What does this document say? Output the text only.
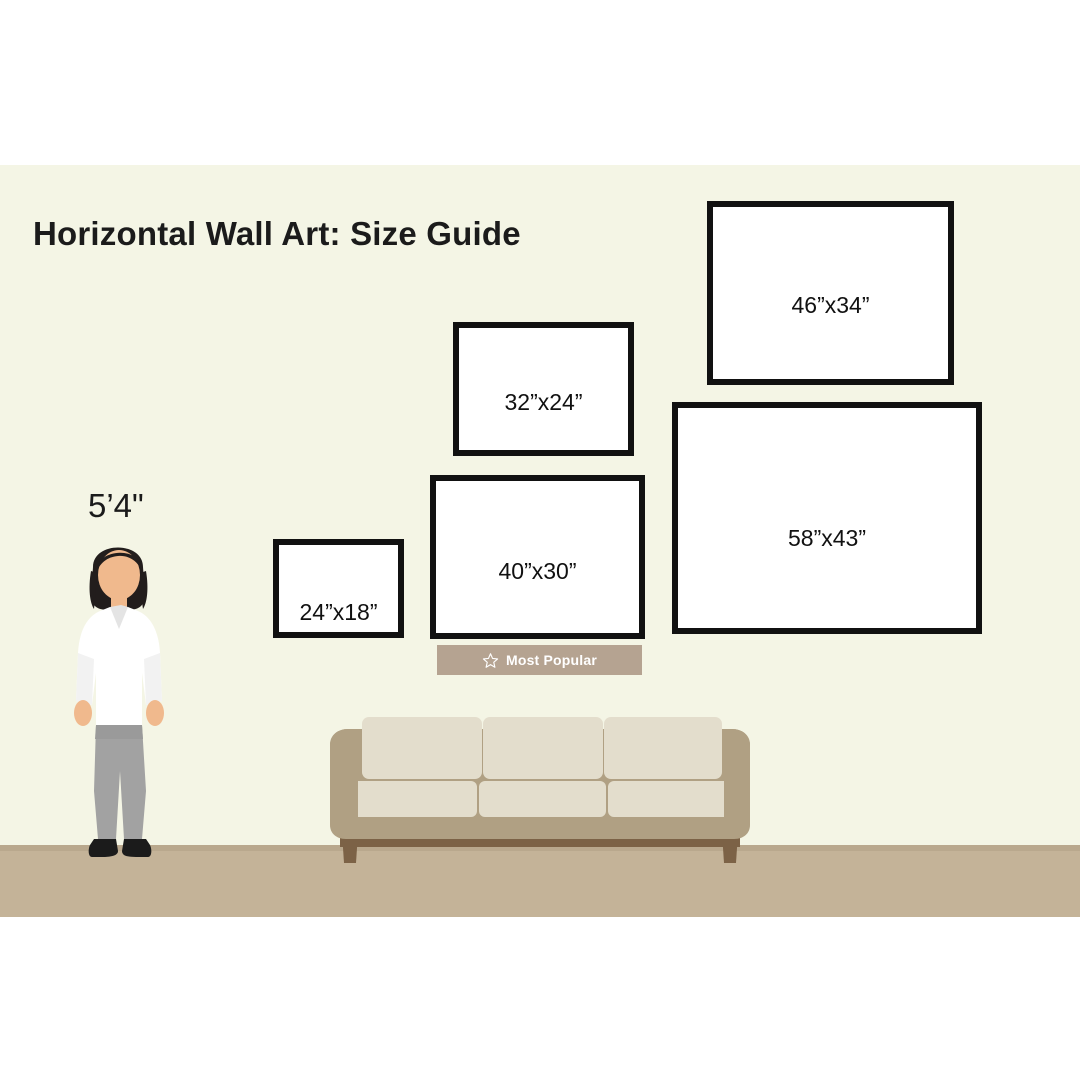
Horizontal Wall Art: Size Guide
5’4"
46”x34”
32”x24”
58”x43”
40”x30”
24”x18”
Most Popular
